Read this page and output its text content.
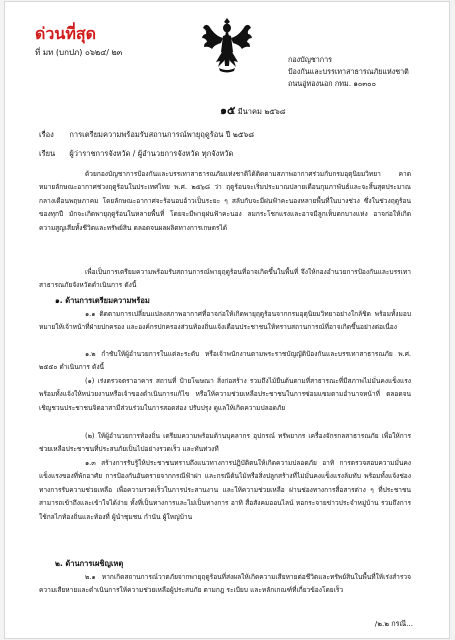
ด่วนที่สุด
ที่ มท (บกปภ) ๐๖๒๔/ ๒๓
กองบัญชาการ
ป้องกันและบรรเทาสาธารณภัยแห่งชาติ
ถนนอู่ทองนอก กทม. ๑๐๓๐๐
๑๕ มีนาคม ๒๕๖๘
เรื่อง การเตรียมความพร้อมรับสถานการณ์พายุฤดูร้อน ปี ๒๕๖๘
เรียน ผู้ว่าราชการจังหวัด / ผู้อำนวยการจังหวัด ทุกจังหวัด

ด้วยกองบัญชาการป้องกันและบรรเทาสาธารณภัยแห่งชาติได้ติดตามสภาพอากาศร่วมกับกรมอุตุนิยมวิทยา คาดหมายลักษณะอากาศช่วงฤดูร้อนในประเทศไทย พ.ศ. ๒๕๖๘ ว่า ฤดูร้อนจะเริ่มประมาณปลายเดือนกุมภาพันธ์และจะสิ้นสุดประมาณกลางเดือนพฤษภาคม โดยลักษณะอากาศจะร้อนอบอ้าวเป็นระยะ ๆ สลับกับจะมีฝนฟ้าคะนองหลายพื้นที่ในบางช่วง ซึ่งในช่วงฤดูร้อนของทุกปี มักจะเกิดพายุฤดูร้อนในหลายพื้นที่ โดยจะมีพายุฝนฟ้าคะนอง ลมกระโชกแรงและอาจมีลูกเห็บตกบางแห่ง อาจก่อให้เกิดความสูญเสียทั้งชีวิตและทรัพย์สิน ตลอดจนผลผลิตทางการเกษตรได้

เพื่อเป็นการเตรียมความพร้อมรับสถานการณ์พายุฤดูร้อนที่อาจเกิดขึ้นในพื้นที่ จึงให้กองอำนวยการป้องกันและบรรเทาสาธารณภัยจังหวัดดำเนินการ ดังนี้

๑. ด้านการเตรียมความพร้อม

๑.๑ ติดตามการเปลี่ยนแปลงสภาพอากาศที่อาจก่อให้เกิดพายุฤดูร้อนจากกรมอุตุนิยมวิทยาอย่างใกล้ชิด พร้อมทั้งมอบหมายให้เจ้าหน้าที่ฝ่ายปกครอง และองค์กรปกครองส่วนท้องถิ่นแจ้งเตือนประชาชนให้ทราบสถานการณ์ที่อาจเกิดขึ้นอย่างต่อเนื่อง

๑.๒ กำชับให้ผู้อำนวยการในแต่ละระดับ หรือเจ้าพนักงานตามพระราชบัญญัติป้องกันและบรรเทาสาธารณภัย พ.ศ. ๒๕๕๐ ดำเนินการ ดังนี้

(๑) เร่งตรวจตราอาคาร สถานที่ ป้ายโฆษณา สิ่งก่อสร้าง รวมถึงไม้ยืนต้นตามที่สาธารณะที่มีสภาพไม่มั่นคงแข็งแรง พร้อมทั้งแจ้งให้หน่วยงานหรือเจ้าของดำเนินการแก้ไข หรือให้ความช่วยเหลือประชาชนในการซ่อมแซมตามอำนาจหน้าที่ ตลอดจนเชิญชวนประชาชนจิตอาสามีส่วนร่วมในการสอดส่อง ปรับปรุง ดูแลให้เกิดความปลอดภัย

(๒) ให้ผู้อำนวยการท้องถิ่น เตรียมความพร้อมด้านบุคลากร อุปกรณ์ ทรัพยากร เครื่องจักรกลสาธารณภัย เพื่อให้การช่วยเหลือประชาชนที่ประสบภัยเป็นไปอย่างรวดเร็ว และทันท่วงที

๑.๓ สร้างการรับรู้ให้ประชาชนทราบถึงแนวทางการปฏิบัติตนให้เกิดความปลอดภัย อาทิ การตรวจสอบความมั่นคงแข็งแรงของที่พักอาศัย การป้องกันอันตรายจากกรณีฟ้าผ่า และกรณีต้นไม้หรือสิ่งปลูกสร้างที่ไม่มั่นคงแข็งแรงล้มทับ พร้อมทั้งแจ้งช่องทางการรับความช่วยเหลือ เพื่อความรวดเร็วในการประสานงาน และให้ความช่วยเหลือ ผ่านช่องทางการสื่อสารต่าง ๆ ที่ประชาชนสามารถเข้าถึงและเข้าใจได้ง่าย ทั้งที่เป็นทางการและไม่เป็นทางการ อาทิ สื่อสังคมออนไลน์ หอกระจายข่าวประจำหมู่บ้าน รวมถึงการใช้กลไกท้องถิ่นและท้องที่ ผู้นำชุมชน กำนัน ผู้ใหญ่บ้าน

๒. ด้านการเผชิญเหตุ

๒.๑ หากเกิดสถานการณ์วาตภัยจากพายุฤดูร้อนที่ส่งผลให้เกิดความเสียหายต่อชีวิตและทรัพย์สินในพื้นที่ให้เร่งสำรวจความเสียหายและดำเนินการให้ความช่วยเหลือผู้ประสบภัย ตามกฎ ระเบียบ และหลักเกณฑ์ที่เกี่ยวข้องโดยเร็ว

/๒.๒ กรณี...
